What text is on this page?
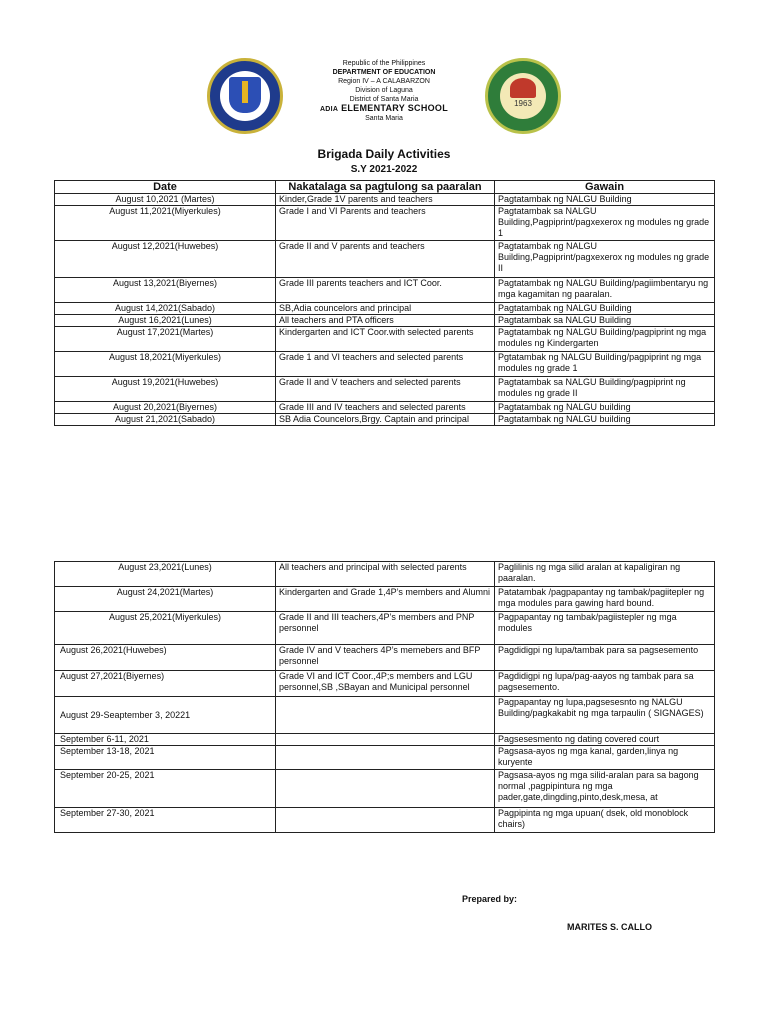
Republic of the Philippines
DEPARTMENT OF EDUCATION
Region IV – A CALABARZON
Division of Laguna
District of Santa Maria
ADIA ELEMENTARY SCHOOL
Santa Maria
1963
Brigada Daily Activities
S.Y 2021-2022
Date	Nakatalaga sa pagtulong sa paaralan	Gawain
August 10,2021 (Martes)	Kinder,Grade 1V parents and teachers	Pagtatambak ng NALGU Building
August 11,2021(Miyerkules)	Grade I and VI Parents and teachers	Pagtatambak sa NALGU Building,Pagpiprint/pagxexerox ng modules ng grade 1
August 12,2021(Huwebes)	Grade II and V parents and teachers	Pagtatambak ng NALGU Building,Pagpiprint/pagxexerox ng modules ng grade II
August 13,2021(Biyernes)	Grade III parents teachers and ICT Coor.	Pagtatambak ng NALGU Building/pagiimbentaryu ng mga kagamitan ng paaralan.
August 14,2021(Sabado)	SB,Adia councelors and principal	Pagtatambak ng NALGU Building
August 16,2021(Lunes)	All teachers and PTA officers	Pagtatambak sa NALGU Building
August 17,2021(Martes)	Kindergarten and ICT Coor.with selected parents	Pagtatambak ng NALGU Building/pagpiprint ng mga modules ng Kindergarten
August 18,2021(Miyerkules)	Grade 1 and VI teachers and selected parents	Pgtatambak ng NALGU Building/pagpiprint ng mga modules ng grade 1
August 19,2021(Huwebes)	Grade II and V teachers and selected parents	Pagtatambak sa NALGU Building/pagpiprint ng modules ng grade II
August 20,2021(Biyernes)	Grade III and IV teachers and selected parents	Pagtatambak ng NALGU building
August 21,2021(Sabado)	SB Adia Councelors,Brgy. Captain and principal	Pagtatambak ng NALGU building
August 23,2021(Lunes)	All teachers and principal with selected parents	Paglilinis ng mga silid aralan at kapaligiran ng paaralan.
August 24,2021(Martes)	Kindergarten and Grade 1,4P’s members and Alumni	Patatambak /pagpapantay ng tambak/pagiitepler ng mga modules para gawing hard bound.
August 25,2021(Miyerkules)	Grade II and III teachers,4P’s members and PNP personnel	Pagpapantay ng tambak/pagiistepler ng mga modules
August 26,2021(Huwebes)	Grade IV and V teachers 4P’s memebers and BFP personnel	Pagdidigpi ng lupa/tambak para sa pagsesemento
August 27,2021(Biyernes)	Grade VI and ICT Coor.,4P;s members and LGU personnel,SB ,SBayan and Municipal personnel	Pagdidigpi ng lupa/pag-aayos ng tambak para sa pagsesemento.
August 29-Seaptember 3, 20221		Pagpapantay ng lupa,pagsesesnto ng NALGU Building/pagkakabit ng mga tarpaulin ( SIGNAGES)
September 6-11, 2021		Pagsesesmento ng dating covered court
September 13-18, 2021		Pagsasa-ayos ng mga kanal, garden,linya ng kuryente
September 20-25, 2021		Pagsasa-ayos ng mga silid-aralan para sa bagong normal ,pagpipintura ng mga pader,gate,dingding,pinto,desk,mesa, at
September 27-30, 2021		Pagpipinta ng mga upuan( dsek, old monoblock chairs)
Prepared by:
MARITES S. CALLO
